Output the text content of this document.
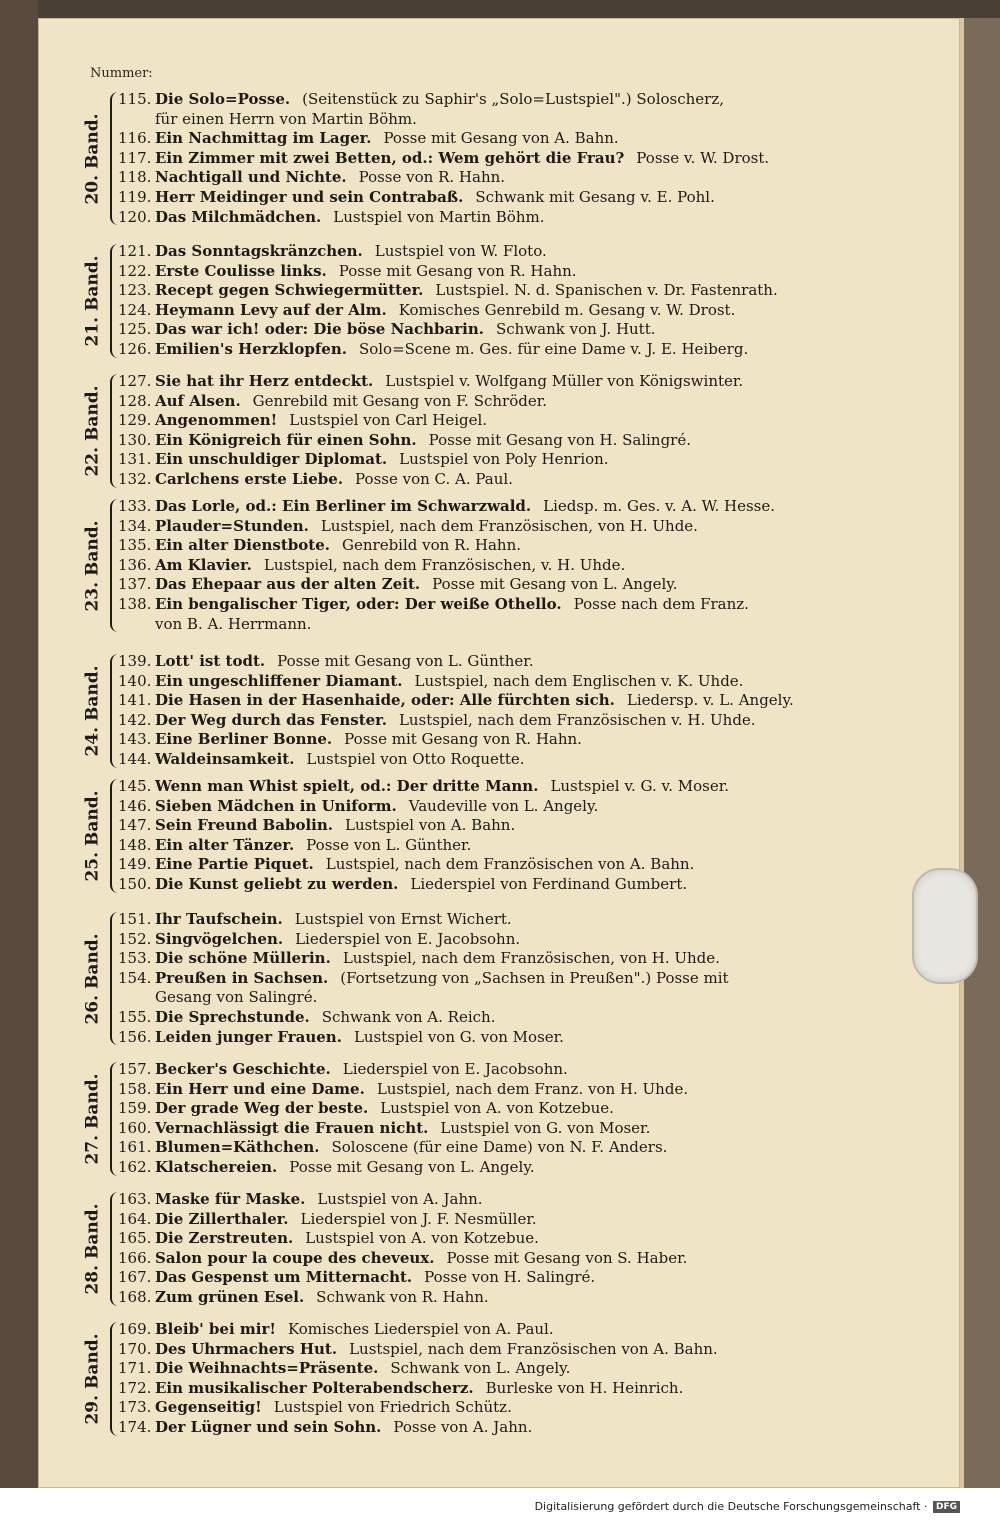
Nummer:
20. Band.
115. Die Solo=Posse. (Seitenstück zu Saphir's „Solo=Lustspiel".) Soloscherz,
für einen Herrn von Martin Böhm.
116. Ein Nachmittag im Lager. Posse mit Gesang von A. Bahn.
117. Ein Zimmer mit zwei Betten, od.: Wem gehört die Frau? Posse v. W. Drost.
118. Nachtigall und Nichte. Posse von R. Hahn.
119. Herr Meidinger und sein Contrabaß. Schwank mit Gesang v. E. Pohl.
120. Das Milchmädchen. Lustspiel von Martin Böhm.
21. Band.
121. Das Sonntagskränzchen. Lustspiel von W. Floto.
122. Erste Coulisse links. Posse mit Gesang von R. Hahn.
123. Recept gegen Schwiegermütter. Lustspiel. N. d. Spanischen v. Dr. Fastenrath.
124. Heymann Levy auf der Alm. Komisches Genrebild m. Gesang v. W. Drost.
125. Das war ich! oder: Die böse Nachbarin. Schwank von J. Hutt.
126. Emilien's Herzklopfen. Solo=Scene m. Ges. für eine Dame v. J. E. Heiberg.
22. Band.
127. Sie hat ihr Herz entdeckt. Lustspiel v. Wolfgang Müller von Königswinter.
128. Auf Alsen. Genrebild mit Gesang von F. Schröder.
129. Angenommen! Lustspiel von Carl Heigel.
130. Ein Königreich für einen Sohn. Posse mit Gesang von H. Salingré.
131. Ein unschuldiger Diplomat. Lustspiel von Poly Henrion.
132. Carlchens erste Liebe. Posse von C. A. Paul.
23. Band.
133. Das Lorle, od.: Ein Berliner im Schwarzwald. Liedsp. m. Ges. v. A. W. Hesse.
134. Plauder=Stunden. Lustspiel, nach dem Französischen, von H. Uhde.
135. Ein alter Dienstbote. Genrebild von R. Hahn.
136. Am Klavier. Lustspiel, nach dem Französischen, v. H. Uhde.
137. Das Ehepaar aus der alten Zeit. Posse mit Gesang von L. Angely.
138. Ein bengalischer Tiger, oder: Der weiße Othello. Posse nach dem Franz.
von B. A. Herrmann.
24. Band.
139. Lott' ist todt. Posse mit Gesang von L. Günther.
140. Ein ungeschliffener Diamant. Lustspiel, nach dem Englischen v. K. Uhde.
141. Die Hasen in der Hasenhaide, oder: Alle fürchten sich. Liedersp. v. L. Angely.
142. Der Weg durch das Fenster. Lustspiel, nach dem Französischen v. H. Uhde.
143. Eine Berliner Bonne. Posse mit Gesang von R. Hahn.
144. Waldeinsamkeit. Lustspiel von Otto Roquette.
25. Band.
145. Wenn man Whist spielt, od.: Der dritte Mann. Lustspiel v. G. v. Moser.
146. Sieben Mädchen in Uniform. Vaudeville von L. Angely.
147. Sein Freund Babolin. Lustspiel von A. Bahn.
148. Ein alter Tänzer. Posse von L. Günther.
149. Eine Partie Piquet. Lustspiel, nach dem Französischen von A. Bahn.
150. Die Kunst geliebt zu werden. Liederspiel von Ferdinand Gumbert.
26. Band.
151. Ihr Taufschein. Lustspiel von Ernst Wichert.
152. Singvögelchen. Liederspiel von E. Jacobsohn.
153. Die schöne Müllerin. Lustspiel, nach dem Französischen, von H. Uhde.
154. Preußen in Sachsen. (Fortsetzung von „Sachsen in Preußen".) Posse mit
Gesang von Salingré.
155. Die Sprechstunde. Schwank von A. Reich.
156. Leiden junger Frauen. Lustspiel von G. von Moser.
27. Band.
157. Becker's Geschichte. Liederspiel von E. Jacobsohn.
158. Ein Herr und eine Dame. Lustspiel, nach dem Franz. von H. Uhde.
159. Der grade Weg der beste. Lustspiel von A. von Kotzebue.
160. Vernachlässigt die Frauen nicht. Lustspiel von G. von Moser.
161. Blumen=Käthchen. Soloscene (für eine Dame) von N. F. Anders.
162. Klatschereien. Posse mit Gesang von L. Angely.
28. Band.
163. Maske für Maske. Lustspiel von A. Jahn.
164. Die Zillerthaler. Liederspiel von J. F. Nesmüller.
165. Die Zerstreuten. Lustspiel von A. von Kotzebue.
166. Salon pour la coupe des cheveux. Posse mit Gesang von S. Haber.
167. Das Gespenst um Mitternacht. Posse von H. Salingré.
168. Zum grünen Esel. Schwank von R. Hahn.
29. Band.
169. Bleib' bei mir! Komisches Liederspiel von A. Paul.
170. Des Uhrmachers Hut. Lustspiel, nach dem Französischen von A. Bahn.
171. Die Weihnachts=Präsente. Schwank von L. Angely.
172. Ein musikalischer Polterabendscherz. Burleske von H. Heinrich.
173. Gegenseitig! Lustspiel von Friedrich Schütz.
174. Der Lügner und sein Sohn. Posse von A. Jahn.
Digitalisierung gefördert durch die Deutsche Forschungsgemeinschaft · DFG
